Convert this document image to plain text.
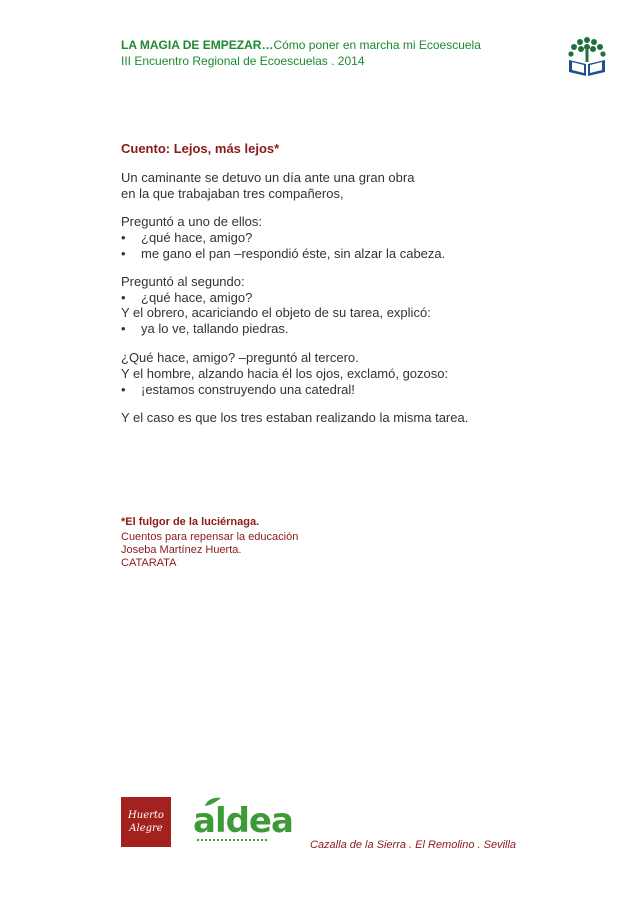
LA MAGIA DE EMPEZAR…Cómo poner en marcha mi Ecoescuela
III Encuentro Regional de Ecoescuelas . 2014
Cuento: Lejos, más lejos*
Un caminante se detuvo un día ante una gran obra
en la que trabajaban tres compañeros,
Preguntó a uno de ellos:
• ¿qué hace, amigo?
• me gano el pan –respondió éste, sin alzar la cabeza.
Preguntó al segundo:
• ¿qué hace, amigo?
Y el obrero, acariciando el objeto de su tarea, explicó:
• ya lo ve, tallando piedras.
¿Qué hace, amigo? –preguntó al tercero.
Y el hombre, alzando hacia él los ojos, exclamó, gozoso:
• ¡estamos construyendo una catedral!
Y el caso es que los tres estaban realizando la misma tarea.
*El fulgor de la luciérnaga.
Cuentos para repensar la educación
Joseba Martínez Huerta.
CATARATA
Huerto
Alegre aldea
Cazalla de la Sierra . El Remolino . Sevilla
